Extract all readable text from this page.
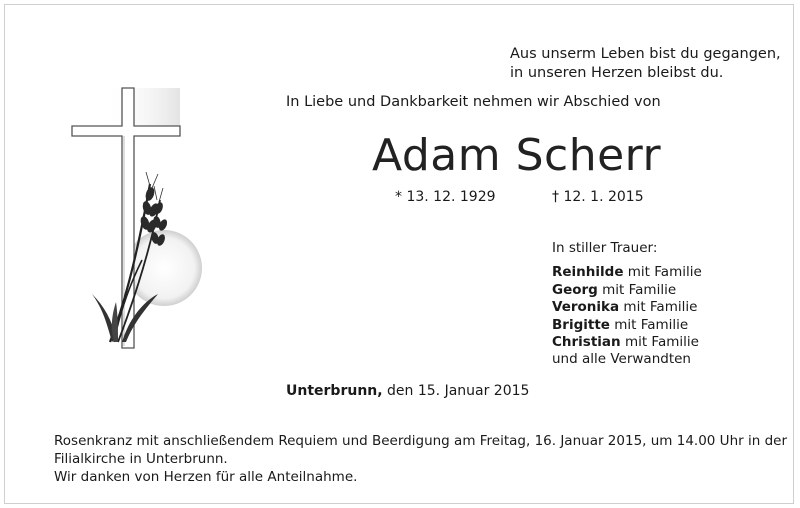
Aus unserm Leben bist du gegangen,
in unseren Herzen bleibst du.
In Liebe und Dankbarkeit nehmen wir Abschied von
Adam Scherr
* 13. 12. 1929	† 12. 1. 2015
In stiller Trauer:
Reinhilde mit Familie
Georg mit Familie
Veronika mit Familie
Brigitte mit Familie
Christian mit Familie
und alle Verwandten
Unterbrunn, den 15. Januar 2015
Rosenkranz mit anschließendem Requiem und Beerdigung am Freitag, 16. Januar 2015, um 14.00 Uhr in der
Filialkirche in Unterbrunn.
Wir danken von Herzen für alle Anteilnahme.
